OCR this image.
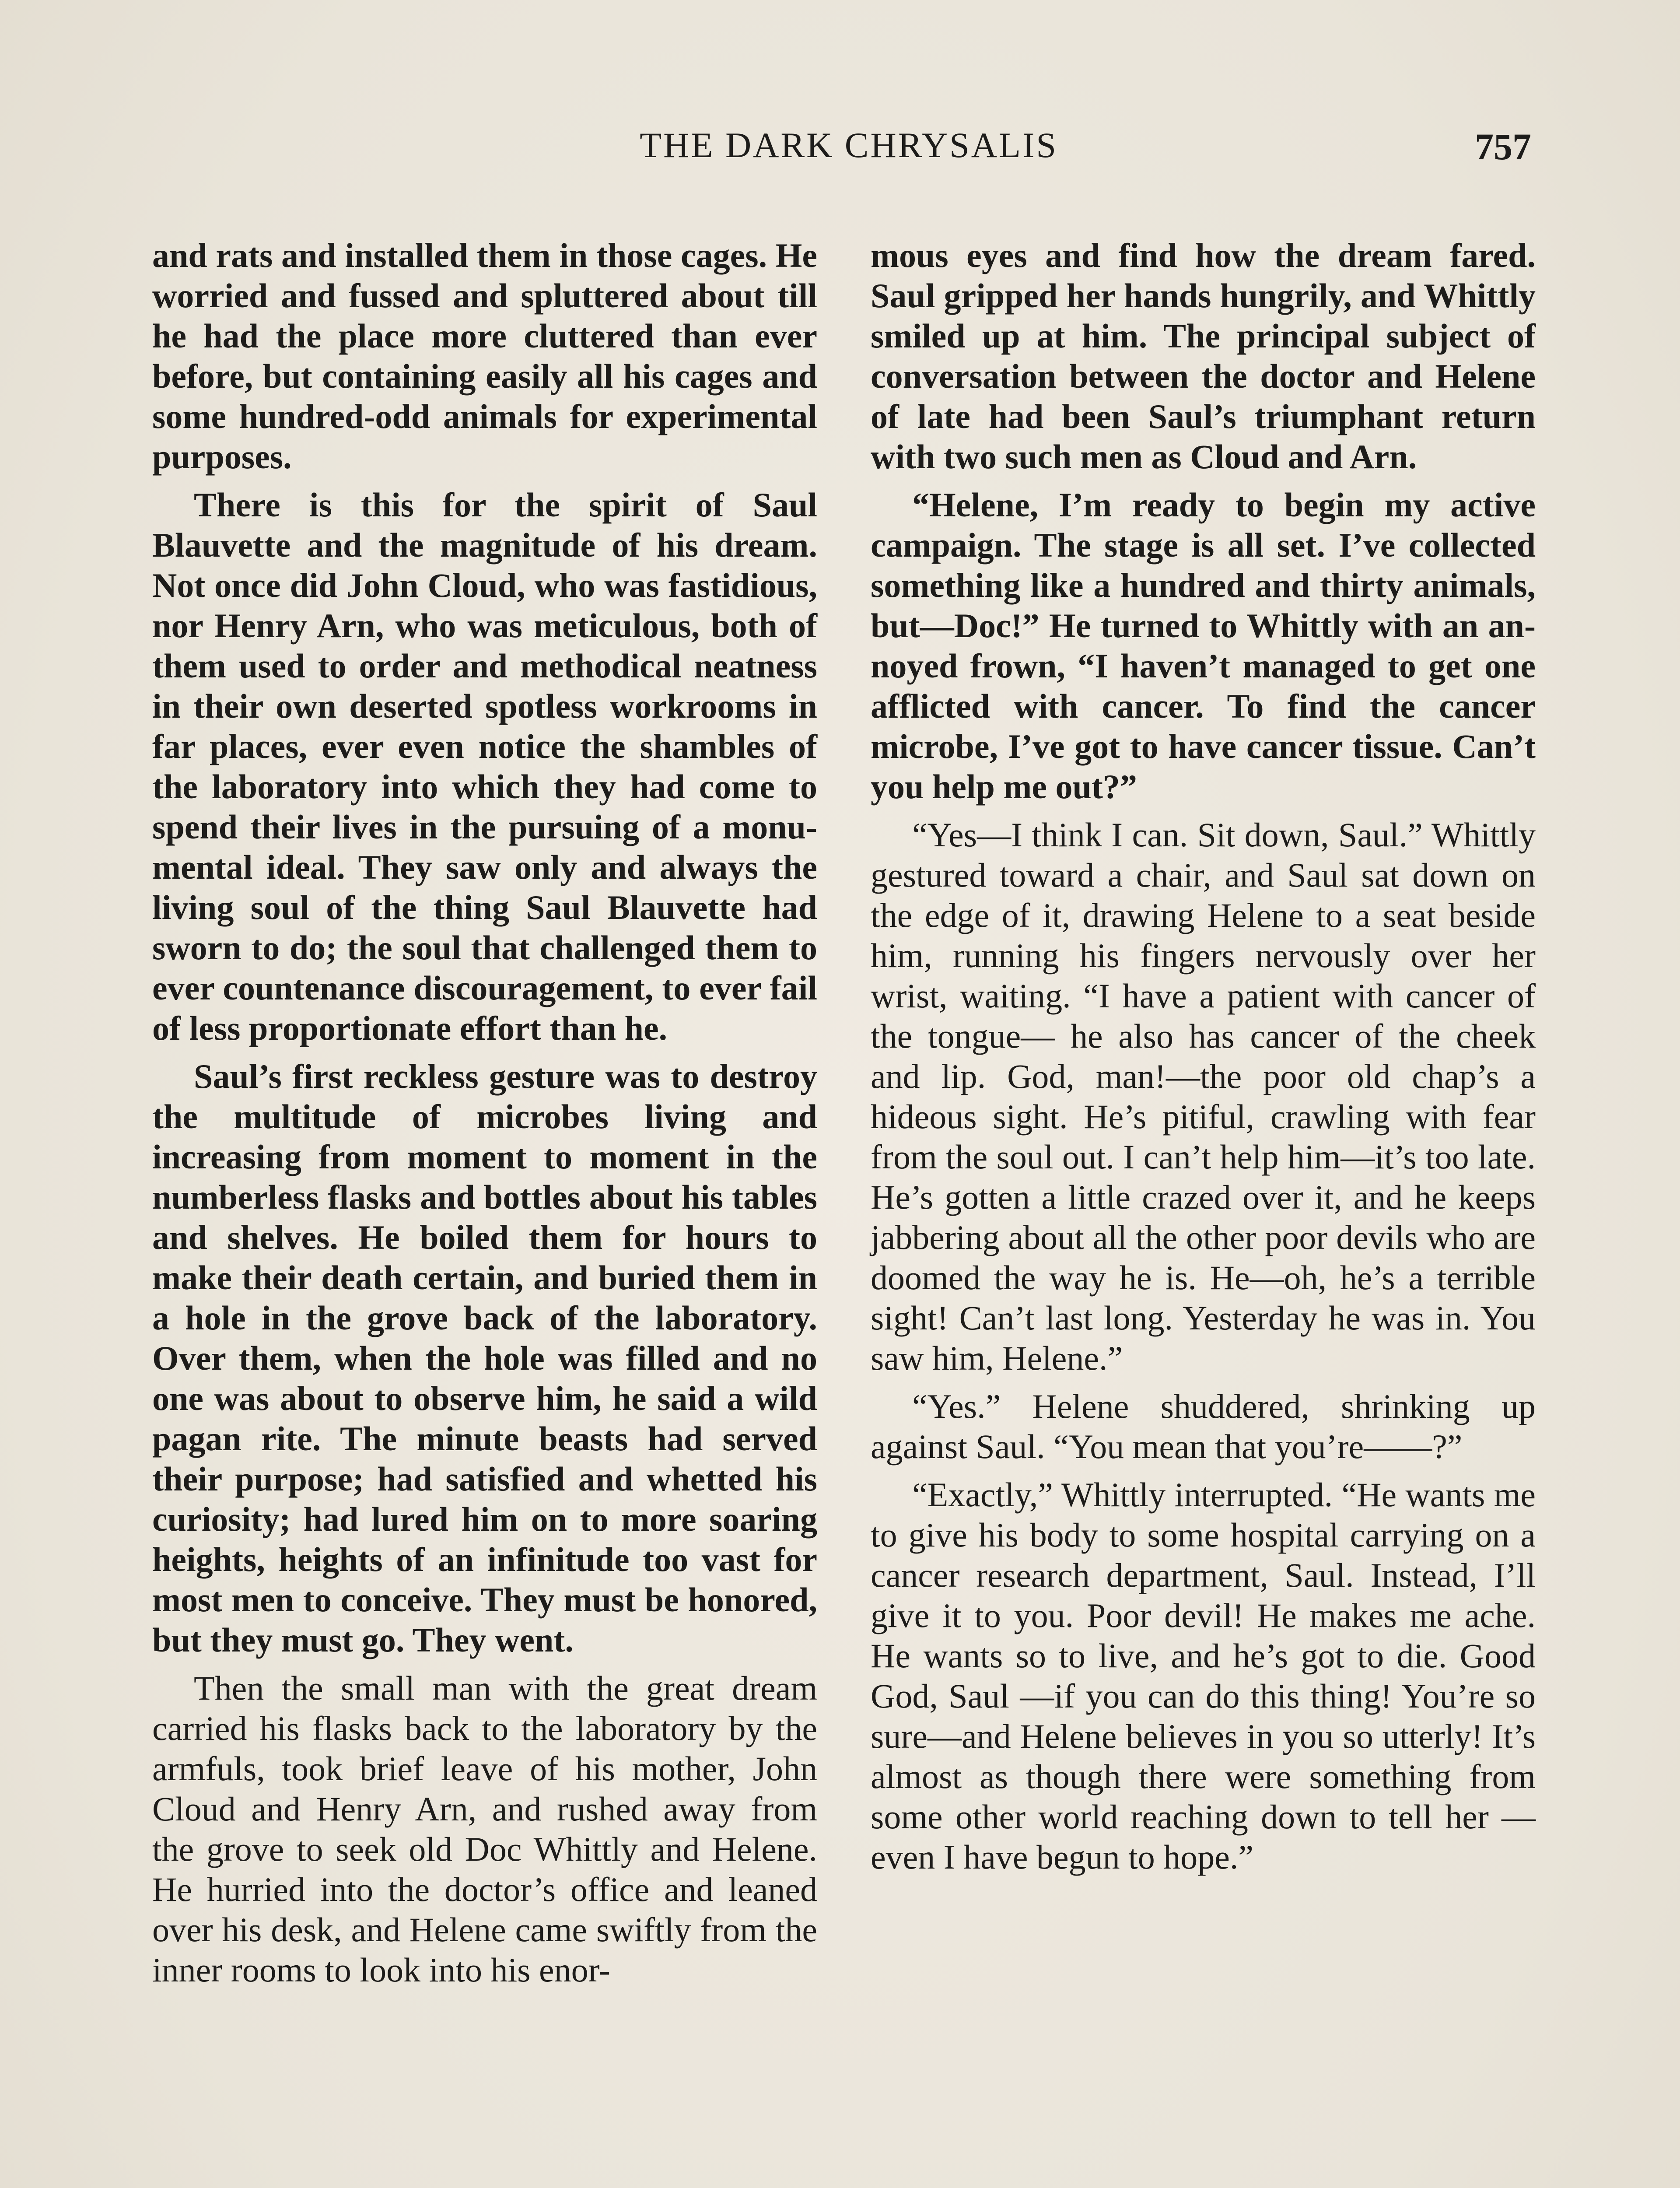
THE DARK CHRYSALIS	757

and rats and installed them in those cages. He worried and fussed and spluttered about till he had the place more cluttered than ever before, but containing easily all his cages and some hundred-odd animals for experimental purposes.

There is this for the spirit of Saul Blauvette and the magnitude of his dream. Not once did John Cloud, who was fastidious, nor Henry Arn, who was meticulous, both of them used to order and methodical neatness in their own deserted spotless workrooms in far places, ever even notice the shambles of the laboratory into which they had come to spend their lives in the pursuing of a monumental ideal. They saw only and always the living soul of the thing Saul Blauvette had sworn to do; the soul that challenged them to ever countenance discouragement, to ever fail of less proportionate effort than he.

Saul’s first reckless gesture was to destroy the multitude of microbes living and increasing from moment to moment in the numberless flasks and bottles about his tables and shelves. He boiled them for hours to make their death certain, and buried them in a hole in the grove back of the laboratory. Over them, when the hole was filled and no one was about to observe him, he said a wild pagan rite. The minute beasts had served their purpose; had satisfied and whetted his curiosity; had lured him on to more soaring heights, heights of an infinitude too vast for most men to conceive. They must be honored, but they must go. They went.

Then the small man with the great dream carried his flasks back to the laboratory by the armfuls, took brief leave of his mother, John Cloud and Henry Arn, and rushed away from the grove to seek old Doc Whittly and Helene. He hurried into the doctor’s office and leaned over his desk, and Helene came swiftly from the inner rooms to look into his enor-

mous eyes and find how the dream fared. Saul gripped her hands hungrily, and Whittly smiled up at him. The principal subject of conversation between the doctor and Helene of late had been Saul’s triumphant return with two such men as Cloud and Arn.

“Helene, I’m ready to begin my active campaign. The stage is all set. I’ve collected something like a hundred and thirty animals, but—Doc!” He turned to Whittly with an annoyed frown, “I haven’t managed to get one afflicted with cancer. To find the cancer microbe, I’ve got to have cancer tissue. Can’t you help me out?”

“Yes—I think I can. Sit down, Saul.” Whittly gestured toward a chair, and Saul sat down on the edge of it, drawing Helene to a seat beside him, running his fingers nervously over her wrist, waiting. “I have a patient with cancer of the tongue— he also has cancer of the cheek and lip. God, man!—the poor old chap’s a hideous sight. He’s pitiful, crawling with fear from the soul out. I can’t help him—it’s too late. He’s gotten a little crazed over it, and he keeps jabbering about all the other poor devils who are doomed the way he is. He—oh, he’s a terrible sight! Can’t last long. Yesterday he was in. You saw him, Helene.”

“Yes.” Helene shuddered, shrinking up against Saul. “You mean that you’re——?”

“Exactly,” Whittly interrupted. “He wants me to give his body to some hospital carrying on a cancer research department, Saul. Instead, I’ll give it to you. Poor devil! He makes me ache. He wants so to live, and he’s got to die. Good God, Saul —if you can do this thing! You’re so sure—and Helene believes in you so utterly! It’s almost as though there were something from some other world reaching down to tell her —even I have begun to hope.”
